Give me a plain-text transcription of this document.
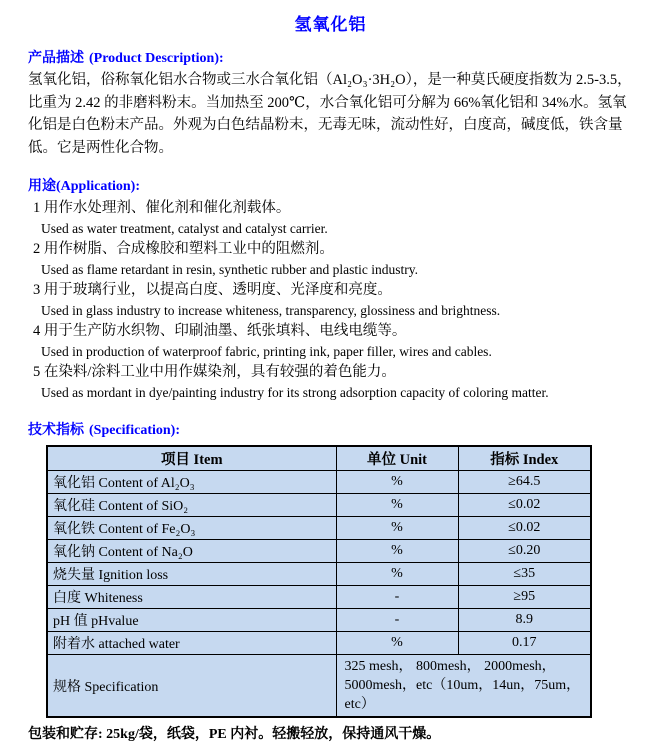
氢氧化铝
产品描述 (Product Description):

氢氧化铝，俗称氧化铝水合物或三水合氧化铝（Al₂O₃·3H₂O），是一种莫氏硬度指数为 2.5-3.5，比重为 2.42 的非磨料粉末。当加热至 200℃，水合氧化铝可分解为 66%氧化铝和 34%水。氢氧化铝是白色粉末产品。外观为白色结晶粉末，无毒无味，流动性好，白度高，碱度低，铁含量低。它是两性化合物。

用途(Application):

1 用作水处理剂、催化剂和催化剂载体。

Used as water treatment, catalyst and catalyst carrier.

2 用作树脂、合成橡胶和塑料工业中的阻燃剂。

Used as flame retardant in resin, synthetic rubber and plastic industry.

3 用于玻璃行业，以提高白度、透明度、光泽度和亮度。

Used in glass industry to increase whiteness, transparency, glossiness and brightness.

4 用于生产防水织物、印刷油墨、纸张填料、电线电缆等。

Used in production of waterproof fabric, printing ink, paper filler, wires and cables.

5 在染料/涂料工业中用作媒染剂，具有较强的着色能力。

Used as mordant in dye/painting industry for its strong adsorption capacity of coloring matter.

技术指标 (Specification):
项目 Item	单位 Unit	指标 Index
氧化铝 Content of Al₂O₃	%	≥64.5
氧化硅 Content of SiO₂	%	≤0.02
氧化铁 Content of Fe₂O₃	%	≤0.02
氧化钠 Content of Na₂O	%	≤0.20
烧失量 Ignition loss	%	≤35
白度 Whiteness	-	≥95
pH 值 pHvalue	-	8.9
附着水 attached water	%	0.17
规格 Specification	325 mesh， 800mesh， 2000mesh， 5000mesh，etc（10um，14un，75um，etc）	

包装和贮存: 25kg/袋，纸袋，PE 内衬。轻搬轻放，保持通风干燥。
